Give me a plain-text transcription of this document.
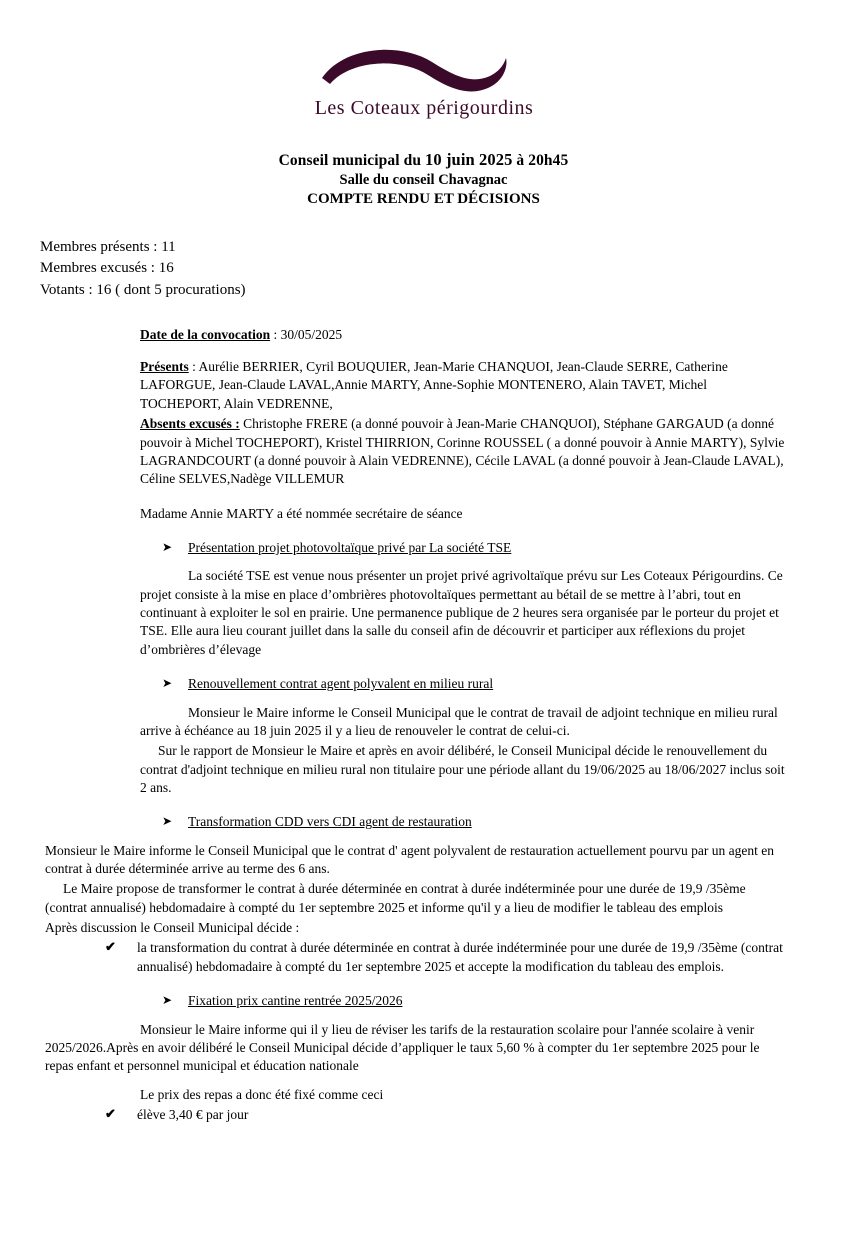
Les Coteaux périgourdins
Conseil municipal du 10 juin 2025 à 20h45
Salle du conseil Chavagnac
COMPTE RENDU ET DÉCISIONS
Membres présents : 11
Membres excusés : 16
Votants : 16 ( dont 5 procurations)
Date de la convocation : 30/05/2025

Présents : Aurélie BERRIER, Cyril BOUQUIER, Jean-Marie CHANQUOI, Jean-Claude SERRE, Catherine LAFORGUE, Jean-Claude LAVAL,Annie MARTY, Anne-Sophie MONTENERO, Alain TAVET, Michel TOCHEPORT, Alain VEDRENNE,

Absents excusés : Christophe FRERE (a donné pouvoir à Jean-Marie CHANQUOI), Stéphane GARGAUD (a donné pouvoir à Michel TOCHEPORT), Kristel THIRRION, Corinne ROUSSEL ( a donné pouvoir à Annie MARTY), Sylvie LAGRANDCOURT (a donné pouvoir à Alain VEDRENNE), Cécile LAVAL (a donné pouvoir à Jean-Claude LAVAL), Céline SELVES,Nadège VILLEMUR

Madame Annie MARTY a été nommée secrétaire de séance

➤ Présentation projet photovoltaïque privé par La société TSE

La société TSE est venue nous présenter un projet privé agrivoltaïque prévu sur Les Coteaux Périgourdins. Ce projet consiste à la mise en place d’ombrières photovoltaïques permettant au bétail de se mettre à l’abri, tout en continuant à exploiter le sol en prairie. Une permanence publique de 2 heures sera organisée par le porteur du projet et TSE. Elle aura lieu courant juillet dans la salle du conseil afin de découvrir et participer aux réflexions du projet d’ombrières d’élevage

➤ Renouvellement contrat agent polyvalent en milieu rural

Monsieur le Maire informe le Conseil Municipal que le contrat de travail de adjoint technique en milieu rural arrive à échéance au 18 juin 2025 il y a lieu de renouveler le contrat de celui-ci.

Sur le rapport de Monsieur le Maire et après en avoir délibéré, le Conseil Municipal décide le renouvellement du contrat d'adjoint technique en milieu rural non titulaire pour une période allant du 19/06/2025 au 18/06/2027 inclus soit 2 ans.

➤ Transformation CDD vers CDI agent de restauration

Monsieur le Maire informe le Conseil Municipal que le contrat d' agent polyvalent de restauration actuellement pourvu par un agent en contrat à durée déterminée arrive au terme des 6 ans.

Le Maire propose de transformer le contrat à durée déterminée en contrat à durée indéterminée pour une durée de 19,9 /35ème (contrat annualisé) hebdomadaire à compté du 1er septembre 2025 et informe qu'il y a lieu de modifier le tableau des emplois

Après discussion le Conseil Municipal décide :

✔ la transformation du contrat à durée déterminée en contrat à durée indéterminée pour une durée de 19,9 /35ème (contrat annualisé) hebdomadaire à compté du 1er septembre 2025 et accepte la modification du tableau des emplois.
➤ Fixation prix cantine rentrée 2025/2026

Monsieur le Maire informe qui il y lieu de réviser les tarifs de la restauration scolaire pour l'année scolaire à venir 2025/2026.Après en avoir délibéré le Conseil Municipal décide d’appliquer le taux 5,60 % à compter du 1er septembre 2025 pour le repas enfant et personnel municipal et éducation nationale

Le prix des repas a donc été fixé comme ceci

✔ élève 3,40 € par jour
